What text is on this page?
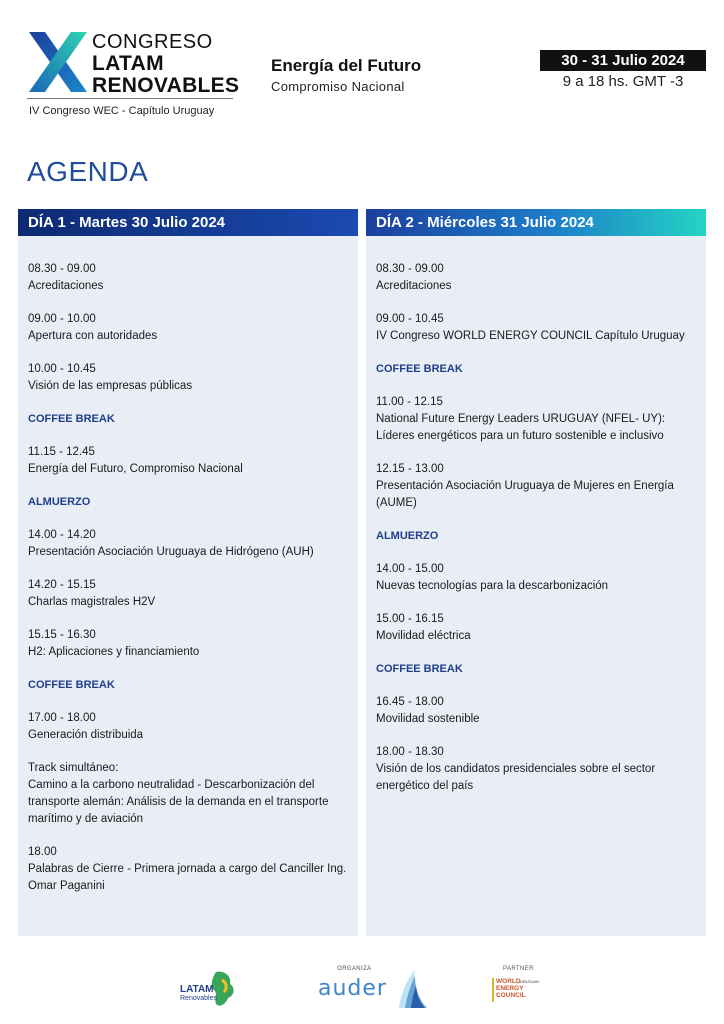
CONGRESO
LATAM
RENOVABLES
IV Congreso WEC - Capítulo Uruguay
Energía del Futuro
Compromiso Nacional
30 - 31 Julio 2024
9 a 18 hs. GMT -3
AGENDA
DÍA 1 - Martes 30 Julio 2024
08.30 - 09.00
Acreditaciones
09.00 - 10.00
Apertura con autoridades
10.00 - 10.45
Visión de las empresas públicas
COFFEE BREAK
11.15 - 12.45
Energía del Futuro, Compromiso Nacional
ALMUERZO
14.00 - 14.20
Presentación Asociación Uruguaya de Hidrógeno (AUH)
14.20 - 15.15
Charlas magistrales H2V
15.15 - 16.30
H2: Aplicaciones y financiamiento
COFFEE BREAK
17.00 - 18.00
Generación distribuida
Track simultáneo:
Camino a la carbono neutralidad - Descarbonización del transporte alemán: Análisis de la demanda en el transporte marítimo y de aviación
18.00
Palabras de Cierre - Primera jornada a cargo del Canciller Ing. Omar Paganini
DÍA 2 - Miércoles 31 Julio 2024
08.30 - 09.00
Acreditaciones
09.00 - 10.45
IV Congreso WORLD ENERGY COUNCIL Capítulo Uruguay
COFFEE BREAK
11.00 - 12.15
National Future Energy Leaders URUGUAY (NFEL- UY): Líderes energéticos para un futuro sostenible e inclusivo
12.15 - 13.00
Presentación Asociación Uruguaya de Mujeres en Energía (AUME)
ALMUERZO
14.00 - 15.00
Nuevas tecnologías para la descarbonización
15.00 - 16.15
Movilidad eléctrica
COFFEE BREAK
16.45 - 18.00
Movilidad sostenible
18.00 - 18.30
Visión de los candidatos presidenciales sobre el sector energético del país
LATAM
Renovables
ORGANIZA
auder
PARTNER
WORLD
ENERGY
COUNCIL
URUGUAY
